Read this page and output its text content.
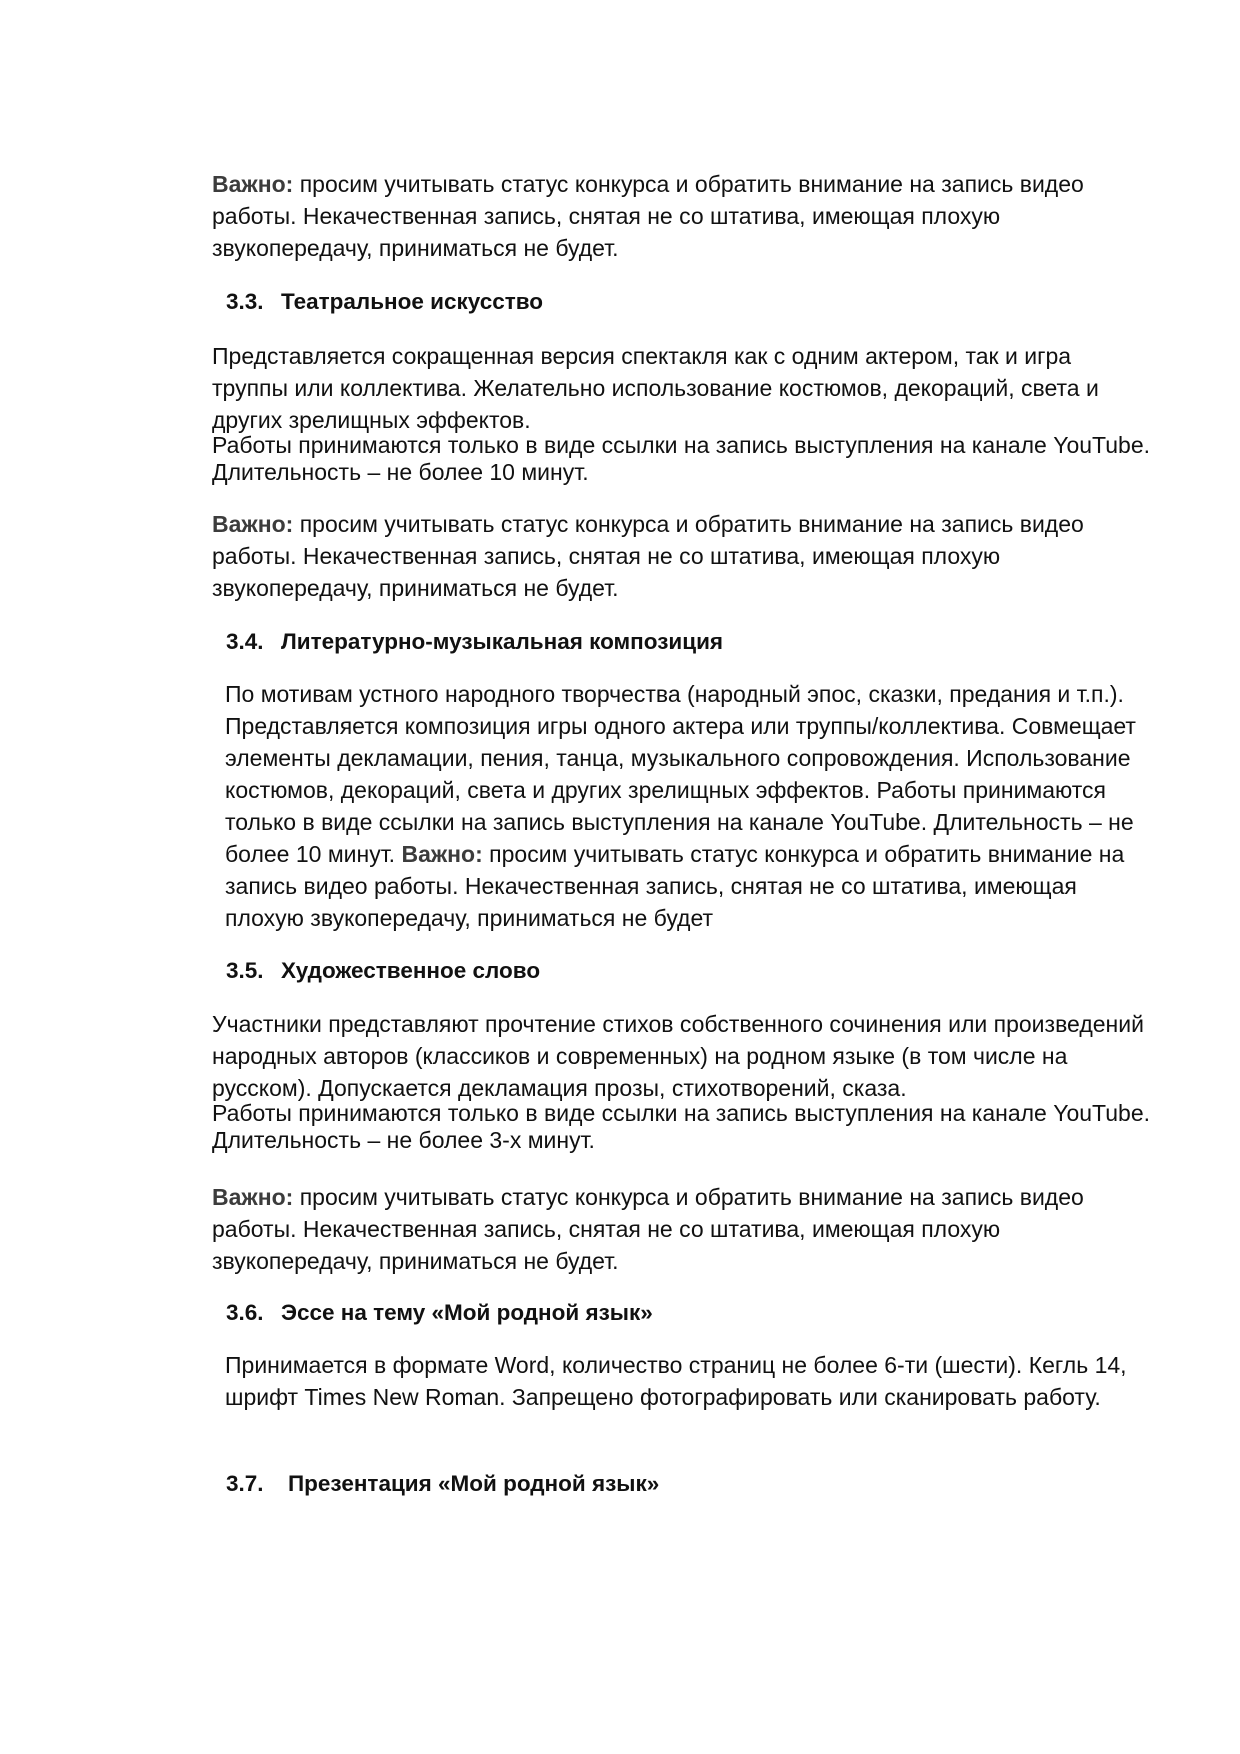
Важно: просим учитывать статус конкурса и обратить внимание на запись видео работы. Некачественная запись, снятая не со штатива, имеющая плохую звукопередачу, приниматься не будет.

3.3. Театральное искусство

Представляется сокращенная версия спектакля как с одним актером, так и игра труппы или коллектива. Желательно использование костюмов, декораций, света и других зрелищных эффектов.

Работы принимаются только в виде ссылки на запись выступления на канале YouTube. Длительность – не более 10 минут.

Важно: просим учитывать статус конкурса и обратить внимание на запись видео работы. Некачественная запись, снятая не со штатива, имеющая плохую звукопередачу, приниматься не будет.

3.4. Литературно-музыкальная композиция

По мотивам устного народного творчества (народный эпос, сказки, предания и т.п.). Представляется композиция игры одного актера или труппы/коллектива. Совмещает элементы декламации, пения, танца, музыкального сопровождения. Использование костюмов, декораций, света и других зрелищных эффектов. Работы принимаются только в виде ссылки на запись выступления на канале YouTube. Длительность – не более 10 минут. Важно: просим учитывать статус конкурса и обратить внимание на запись видео работы. Некачественная запись, снятая не со штатива, имеющая плохую звукопередачу, приниматься не будет

3.5. Художественное слово

Участники представляют прочтение стихов собственного сочинения или произведений народных авторов (классиков и современных) на родном языке (в том числе на русском). Допускается декламация прозы, стихотворений, сказа.

Работы принимаются только в виде ссылки на запись выступления на канале YouTube. Длительность – не более 3-х минут.

Важно: просим учитывать статус конкурса и обратить внимание на запись видео работы. Некачественная запись, снятая не со штатива, имеющая плохую звукопередачу, приниматься не будет.

3.6. Эссе на тему «Мой родной язык»

Принимается в формате Word, количество страниц не более 6-ти (шести). Кегль 14, шрифт Times New Roman. Запрещено фотографировать или сканировать работу.

3.7. Презентация «Мой родной язык»
